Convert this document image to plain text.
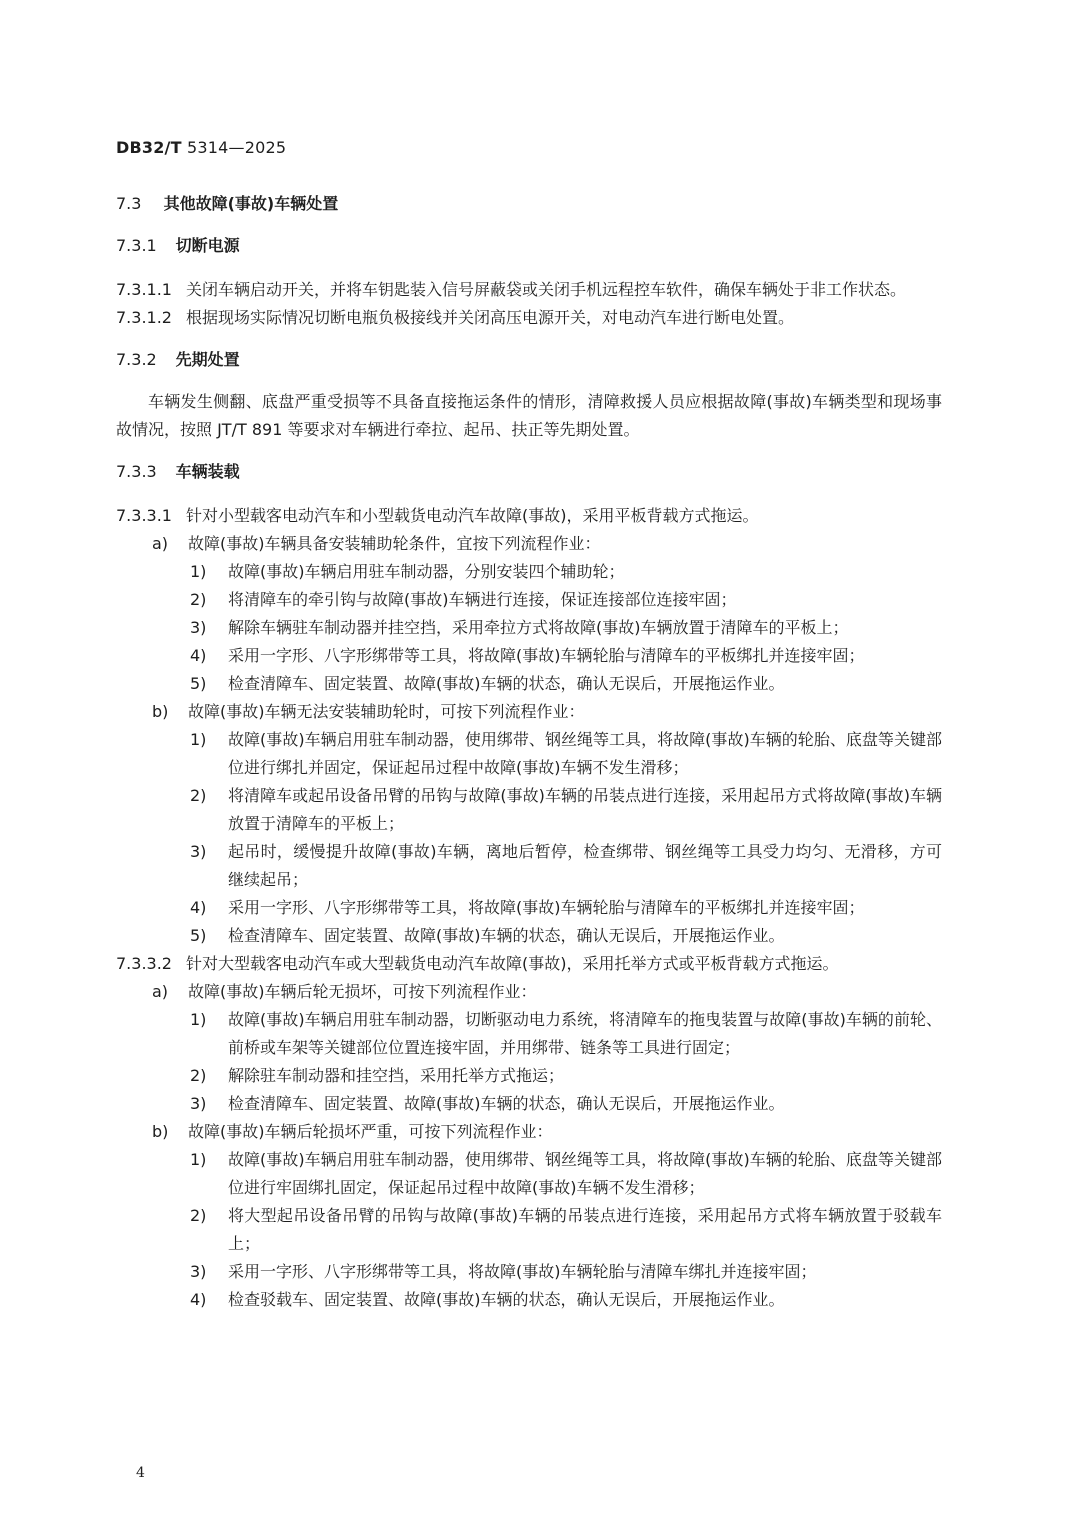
DB32/T 5314—2025
7.3 其他故障(事故)车辆处置
7.3.1 切断电源
7.3.1.1 关闭车辆启动开关，并将车钥匙装入信号屏蔽袋或关闭手机远程控车软件，确保车辆处于非工作状态。
7.3.1.2 根据现场实际情况切断电瓶负极接线并关闭高压电源开关，对电动汽车进行断电处置。
7.3.2 先期处置
车辆发生侧翻、底盘严重受损等不具备直接拖运条件的情形，清障救援人员应根据故障(事故)车辆类型和现场事故情况，按照 JT/T 891 等要求对车辆进行牵拉、起吊、扶正等先期处置。
7.3.3 车辆装载
7.3.3.1 针对小型载客电动汽车和小型载货电动汽车故障(事故)，采用平板背载方式拖运。
a) 故障(事故)车辆具备安装辅助轮条件，宜按下列流程作业：
1) 故障(事故)车辆启用驻车制动器，分别安装四个辅助轮；
2) 将清障车的牵引钩与故障(事故)车辆进行连接，保证连接部位连接牢固；
3) 解除车辆驻车制动器并挂空挡，采用牵拉方式将故障(事故)车辆放置于清障车的平板上；
4) 采用一字形、八字形绑带等工具，将故障(事故)车辆轮胎与清障车的平板绑扎并连接牢固；
5) 检查清障车、固定装置、故障(事故)车辆的状态，确认无误后，开展拖运作业。
b) 故障(事故)车辆无法安装辅助轮时，可按下列流程作业：
1) 故障(事故)车辆启用驻车制动器，使用绑带、钢丝绳等工具，将故障(事故)车辆的轮胎、底盘等关键部位进行绑扎并固定，保证起吊过程中故障(事故)车辆不发生滑移；
2) 将清障车或起吊设备吊臂的吊钩与故障(事故)车辆的吊装点进行连接，采用起吊方式将故障(事故)车辆放置于清障车的平板上；
3) 起吊时，缓慢提升故障(事故)车辆，离地后暂停，检查绑带、钢丝绳等工具受力均匀、无滑移，方可继续起吊；
4) 采用一字形、八字形绑带等工具，将故障(事故)车辆轮胎与清障车的平板绑扎并连接牢固；
5) 检查清障车、固定装置、故障(事故)车辆的状态，确认无误后，开展拖运作业。
7.3.3.2 针对大型载客电动汽车或大型载货电动汽车故障(事故)，采用托举方式或平板背载方式拖运。
a) 故障(事故)车辆后轮无损坏，可按下列流程作业：
1) 故障(事故)车辆启用驻车制动器，切断驱动电力系统，将清障车的拖曳装置与故障(事故)车辆的前轮、前桥或车架等关键部位位置连接牢固，并用绑带、链条等工具进行固定；
2) 解除驻车制动器和挂空挡，采用托举方式拖运；
3) 检查清障车、固定装置、故障(事故)车辆的状态，确认无误后，开展拖运作业。
b) 故障(事故)车辆后轮损坏严重，可按下列流程作业：
1) 故障(事故)车辆启用驻车制动器，使用绑带、钢丝绳等工具，将故障(事故)车辆的轮胎、底盘等关键部位进行牢固绑扎固定，保证起吊过程中故障(事故)车辆不发生滑移；
2) 将大型起吊设备吊臂的吊钩与故障(事故)车辆的吊装点进行连接，采用起吊方式将车辆放置于驳载车上；
3) 采用一字形、八字形绑带等工具，将故障(事故)车辆轮胎与清障车绑扎并连接牢固；
4) 检查驳载车、固定装置、故障(事故)车辆的状态，确认无误后，开展拖运作业。
4
